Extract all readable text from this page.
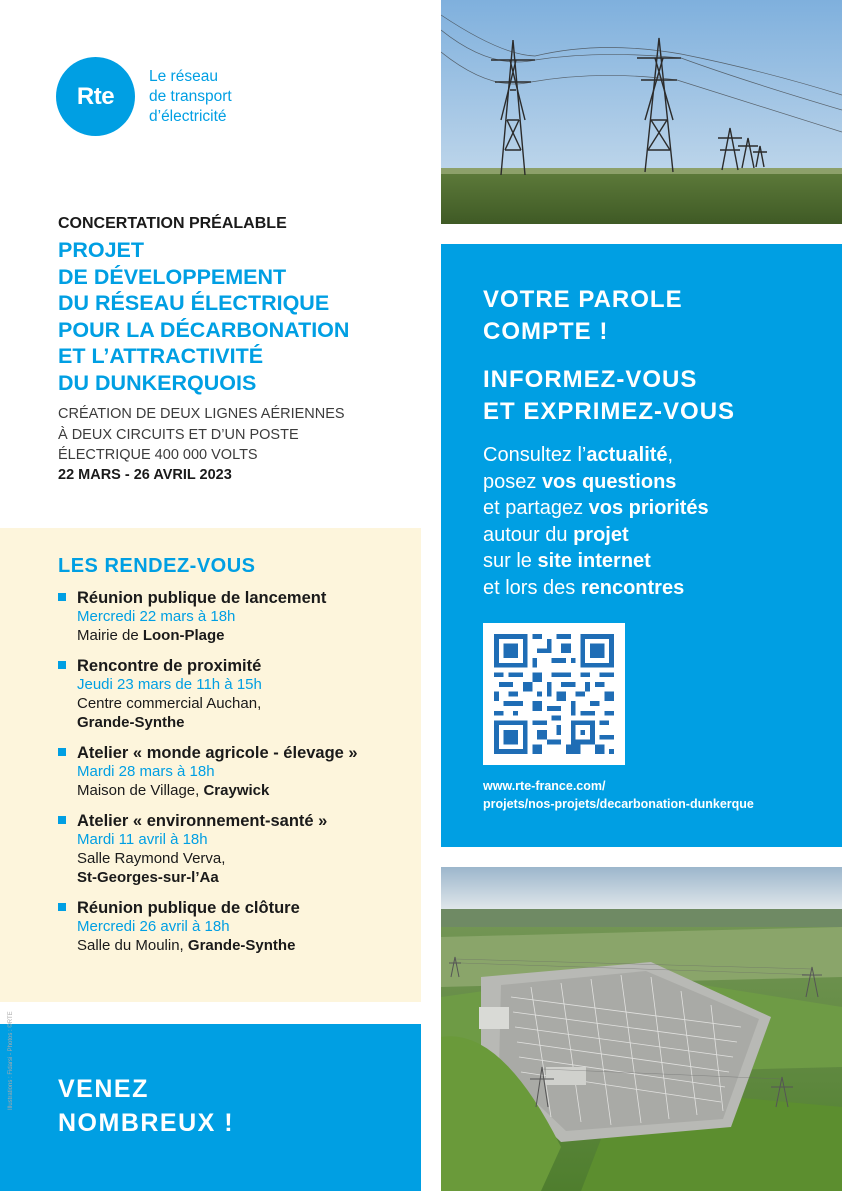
Rte
Le réseau
de transport
d’électricité
CONCERTATION PRÉALABLE
PROJET
DE DÉVELOPPEMENT
DU RÉSEAU ÉLECTRIQUE
POUR LA DÉCARBONATION
ET L’ATTRACTIVITÉ
DU DUNKERQUOIS
CRÉATION DE DEUX LIGNES AÉRIENNES
À DEUX CIRCUITS ET D’UN POSTE
ÉLECTRIQUE 400 000 VOLTS
22 MARS - 26 AVRIL 2023
LES RENDEZ-VOUS
Réunion publique de lancement
Mercredi 22 mars à 18h
Mairie de Loon-Plage
Rencontre de proximité
Jeudi 23 mars de 11h à 15h
Centre commercial Auchan,
Grande-Synthe
Atelier « monde agricole - élevage »
Mardi 28 mars à 18h
Maison de Village, Craywick
Atelier « environnement-santé »
Mardi 11 avril à 18h
Salle Raymond Verva,
St-Georges-sur-l’Aa
Réunion publique de clôture
Mercredi 26 avril à 18h
Salle du Moulin, Grande-Synthe
VENEZ
NOMBREUX !
Illustrations : Fidarsi - Photos : ©RTE
VOTRE PAROLE
COMPTE !
INFORMEZ-VOUS
ET EXPRIMEZ-VOUS
Consultez l’actualité,
posez vos questions
et partagez vos priorités
autour du projet
sur le site internet
et lors des rencontres
www.rte-france.com/
projets/nos-projets/decarbonation-dunkerque
